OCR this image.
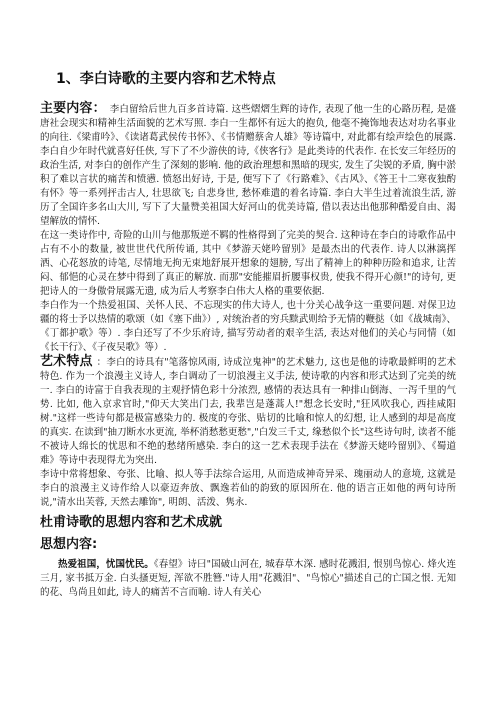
1、李白诗歌的主要内容和艺术特点

主要内容： 李白留给后世九百多首诗篇. 这些熠熠生辉的诗作, 表现了他一生的心路历程, 是盛唐社会现实和精神生活面貌的艺术写照. 李白一生都怀有远大的抱负, 他毫不掩饰地表达对功名事业的向往.《梁甫吟》、《读诸葛武侯传书怀》、《书情赠蔡舍人雄》等诗篇中, 对此都有绘声绘色的展露. 李白自少年时代就喜好任侠, 写下了不少游侠的诗,《侠客行》是此类诗的代表作. 在长安三年经历的政治生活, 对李白的创作产生了深刻的影响. 他的政治理想和黑暗的现实, 发生了尖锐的矛盾, 胸中淤积了难以言状的痛苦和愤懑. 愤怒出好诗, 于是, 便写下了《行路难》、《古风》、《答王十二寒夜独酌有怀》等一系列抨击古人, 壮思欲飞; 自悲身世, 愁怀难遣的着名诗篇. 李白大半生过着流浪生活, 游历了全国许多名山大川, 写下了大量赞美祖国大好河山的优美诗篇, 借以表达出他那种酷爱自由、渴望解放的情怀.

在这一类诗作中, 奇险的山川与他那叛逆不羁的性格得到了完美的契合. 这种诗在李白的诗歌作品中占有不小的数量, 被世世代代所传诵, 其中《梦游天姥吟留别》是最杰出的代表作. 诗人以淋漓挥洒、心花怒放的诗笔, 尽情地无拘无束地舒展开想象的翅膀, 写出了精神上的种种历险和追求, 让苦闷、郁悒的心灵在梦中得到了真正的解放. 而那"安能摧眉折腰事权贵, 使我不得开心颜!"的诗句, 更把诗人的一身傲骨展露无遗, 成为后人考察李白伟大人格的重要依据.

李白作为一个热爱祖国、关怀人民、不忘现实的伟大诗人, 也十分关心战争这一重要问题. 对保卫边疆的将士予以热情的歌颂（如《塞下曲》）, 对统治者的穷兵黩武则给予无情的鞭挞（如《战城南》、《丁都护歌》等）. 李白还写了不少乐府诗, 描写劳动者的艰辛生活, 表达对他们的关心与同情（如《长干行》、《子夜吴歌》等）.

艺术特点 ：李白的诗具有"笔落惊风雨, 诗成泣鬼神"的艺术魅力, 这也是他的诗歌最鲜明的艺术特色. 作为一个浪漫主义诗人, 李白调动了一切浪漫主义手法, 使诗歌的内容和形式达到了完美的统一. 李白的诗富于自我表现的主观抒情色彩十分浓烈, 感情的表达具有一种排山倒海、一泻千里的气势. 比如, 他入京求官时,"仰天大笑出门去, 我辈岂是蓬蒿人!"想念长安时,"狂风吹我心, 西挂咸阳树."这样一些诗句都是极富感染力的. 极度的夸张、贴切的比喻和惊人的幻想, 让人感到的却是高度的真实. 在读到"抽刀断水水更流, 举杯消愁愁更愁","白发三千丈, 缘愁似个长"这些诗句时, 读者不能不被诗人绵长的忧思和不绝的愁绪所感染. 李白的这一艺术表现手法在《梦游天姥吟留别》、《蜀道难》等诗中表现得尤为突出.

李诗中常将想象、夸张、比喻、拟人等手法综合运用, 从而造成神奇异采、瑰丽动人的意境, 这就是李白的浪漫主义诗作给人以豪迈奔放、飘逸若仙的韵致的原因所在. 他的语言正如他的两句诗所说,"清水出芙蓉, 天然去雕饰", 明朗、活泼、隽永.

杜甫诗歌的思想内容和艺术成就
思想内容:

热爱祖国，忧国忧民。《春望》诗曰"国破山河在, 城春草木深. 感时花溅泪, 恨别鸟惊心. 烽火连三月, 家书抵万金. 白头搔更短, 浑欲不胜簪."诗人用"花溅泪"、"鸟惊心"描述自己的亡国之恨. 无知的花、鸟尚且如此, 诗人的痛苦不言而喻. 诗人有关心
